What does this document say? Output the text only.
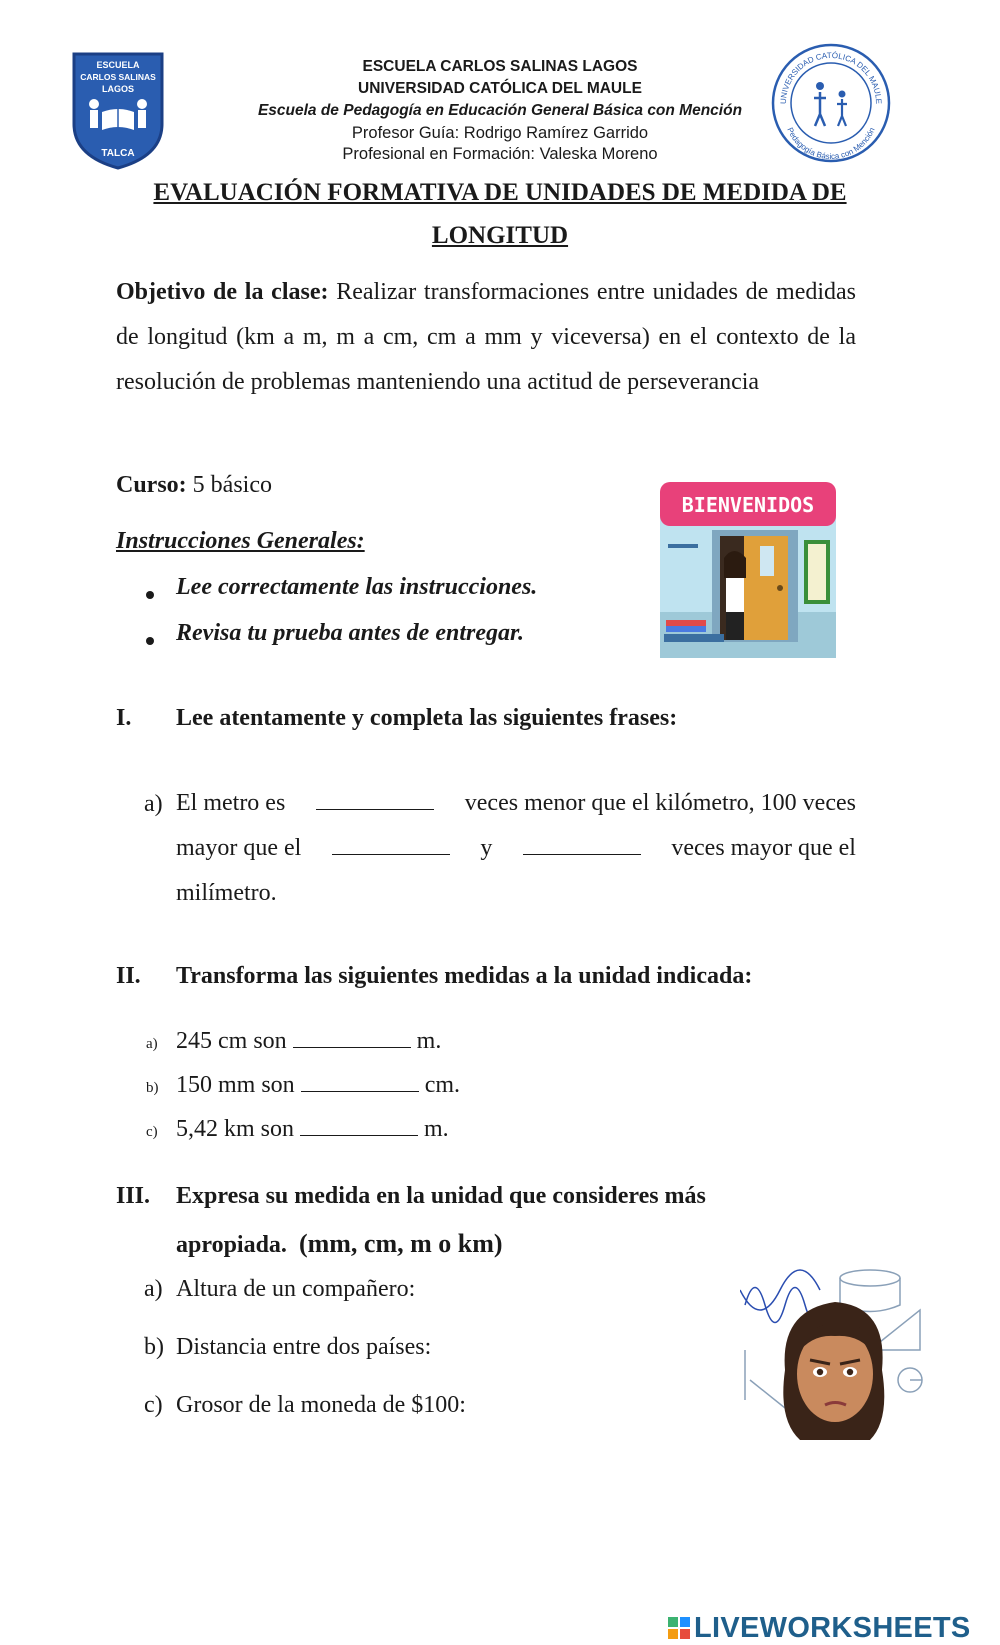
ESCUELA
CARLOS SALINAS
LAGOS
TALCA
ESCUELA CARLOS SALINAS LAGOS
UNIVERSIDAD CATÓLICA DEL MAULE
Escuela de Pedagogía en Educación General Básica con Mención
Profesor Guía: Rodrigo Ramírez Garrido
Profesional en Formación: Valeska Moreno
UNIVERSIDAD CATÓLICA DEL MAULE
Pedagogía Básica con Mención
EVALUACIÓN FORMATIVA DE UNIDADES DE MEDIDA DE
LONGITUD
Objetivo de la clase: Realizar transformaciones entre unidades de medidas de longitud (km a m, m a cm, cm a mm y viceversa) en el contexto de la resolución de problemas manteniendo una actitud de perseverancia
Curso: 5 básico
Instrucciones Generales:
Lee correctamente las instrucciones.
Revisa tu prueba antes de entregar.
BIENVENIDOS
I. Lee atentamente y completa las siguientes frases:
a) El metro es	veces menor que el kilómetro, 100 veces
mayor que el	y	veces mayor que el
milímetro.
II. Transforma las siguientes medidas a la unidad indicada:
a) 245 cm son	m.
b) 150 mm son	cm.
c) 5,42 km son	m.
III. Expresa su medida en la unidad que consideres más
apropiada. (mm, cm, m o km)
a) Altura de un compañero:
b) Distancia entre dos países:
c) Grosor de la moneda de $100:
LIVEWORKSHEETS
